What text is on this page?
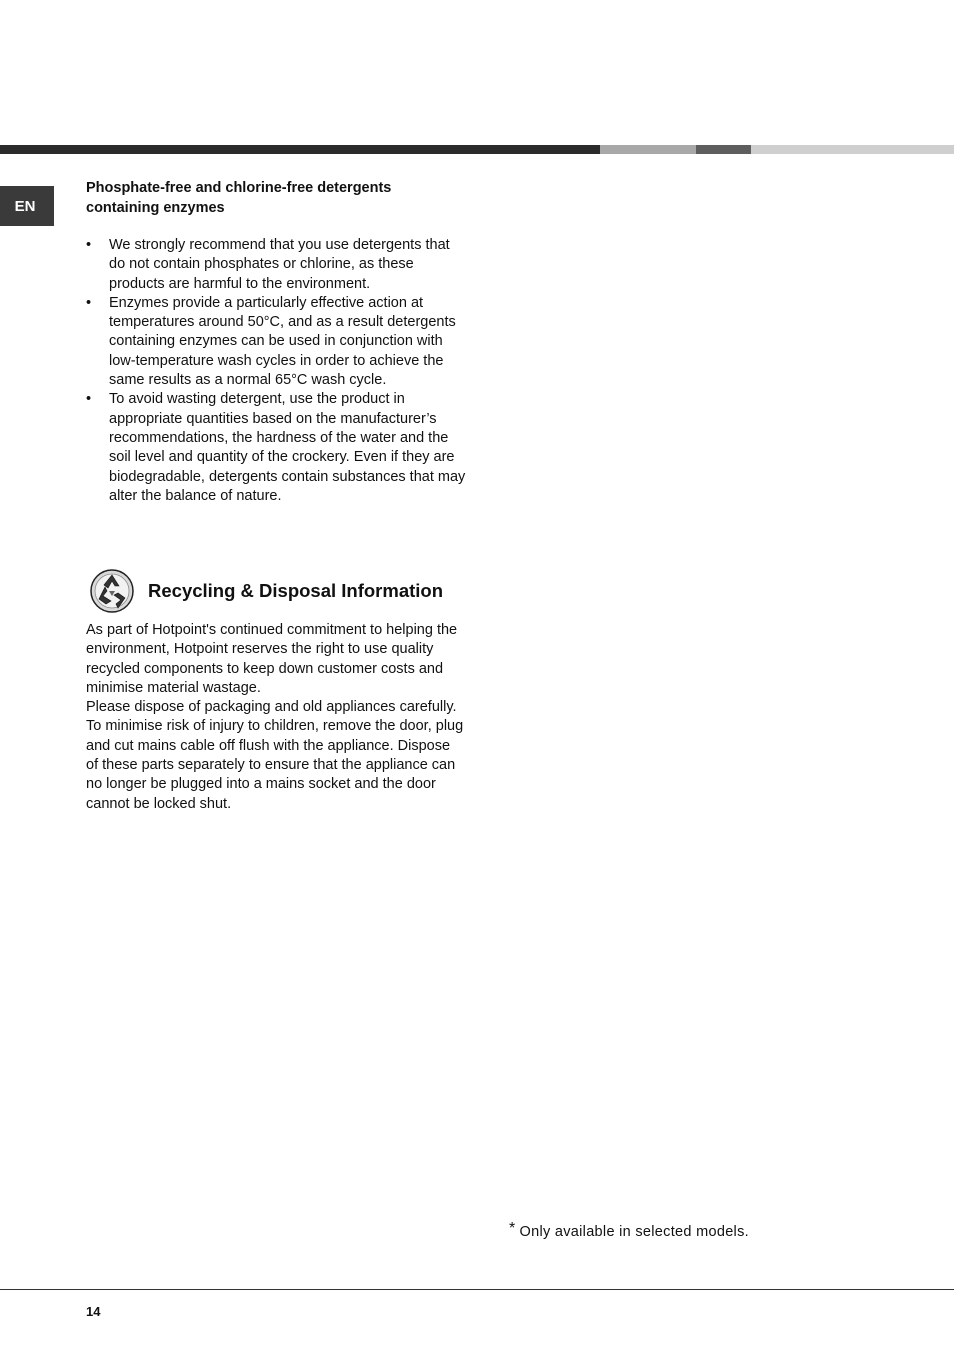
EN
Phosphate-free and chlorine-free detergents containing enzymes
• We strongly recommend that you use detergents that do not contain phosphates or chlorine, as these products are harmful to the environment.
• Enzymes provide a particularly effective action at temperatures around 50°C, and as a result detergents containing enzymes can be used in conjunction with low-temperature wash cycles in order to achieve the same results as a normal 65°C wash cycle.
• To avoid wasting detergent, use the product in appropriate quantities based on the manufacturer’s recommendations, the hardness of the water and the soil level and quantity of the crockery. Even if they are biodegradable, detergents contain substances that may alter the balance of nature.
Recycling & Disposal Information

As part of Hotpoint's continued commitment to helping the environment, Hotpoint reserves the right to use quality recycled components to keep down customer costs and minimise material wastage.

Please dispose of packaging and old appliances carefully.

To minimise risk of injury to children, remove the door, plug and cut mains cable off flush with the appliance. Dispose of these parts separately to ensure that the appliance can no longer be plugged into a mains socket and the door cannot be locked shut.

* Only available in selected models.
14
